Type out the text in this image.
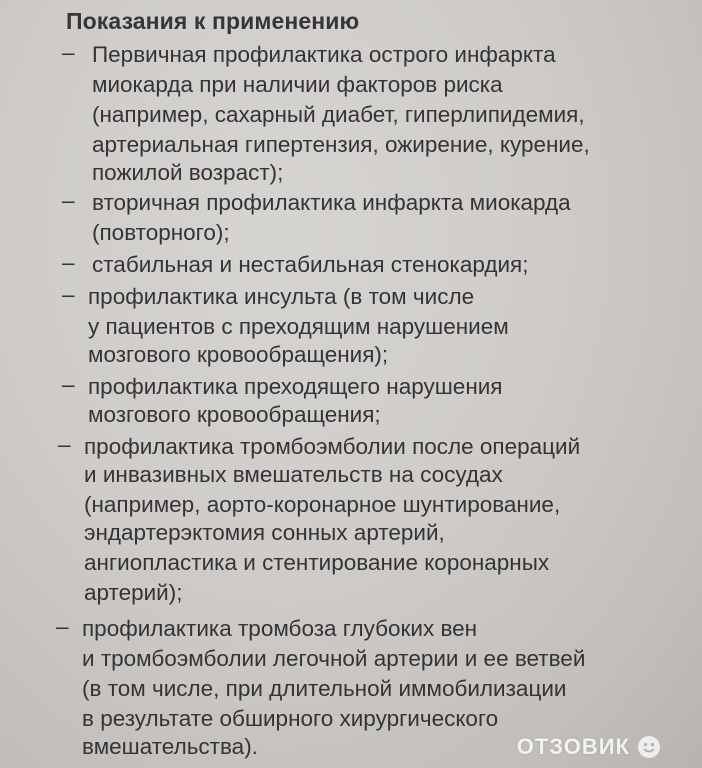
Показания к применению
– Первичная профилактика острого инфаркта
миокарда при наличии факторов риска
(например, сахарный диабет, гиперлипидемия,
артериальная гипертензия, ожирение, курение,
пожилой возраст);
– вторичная профилактика инфаркта миокарда
(повторного);
– стабильная и нестабильная стенокардия;
– профилактика инсульта (в том числе
у пациентов с преходящим нарушением
мозгового кровообращения);
– профилактика преходящего нарушения
мозгового кровообращения;
– профилактика тромбоэмболии после операций
и инвазивных вмешательств на сосудах
(например, аорто-коронарное шунтирование,
эндартерэктомия сонных артерий,
ангиопластика и стентирование коронарных
артерий);
– профилактика тромбоза глубоких вен
и тромбоэмболии легочной артерии и ее ветвей
(в том числе, при длительной иммобилизации
в результате обширного хирургического
вмешательства).	ОТЗОВИК
